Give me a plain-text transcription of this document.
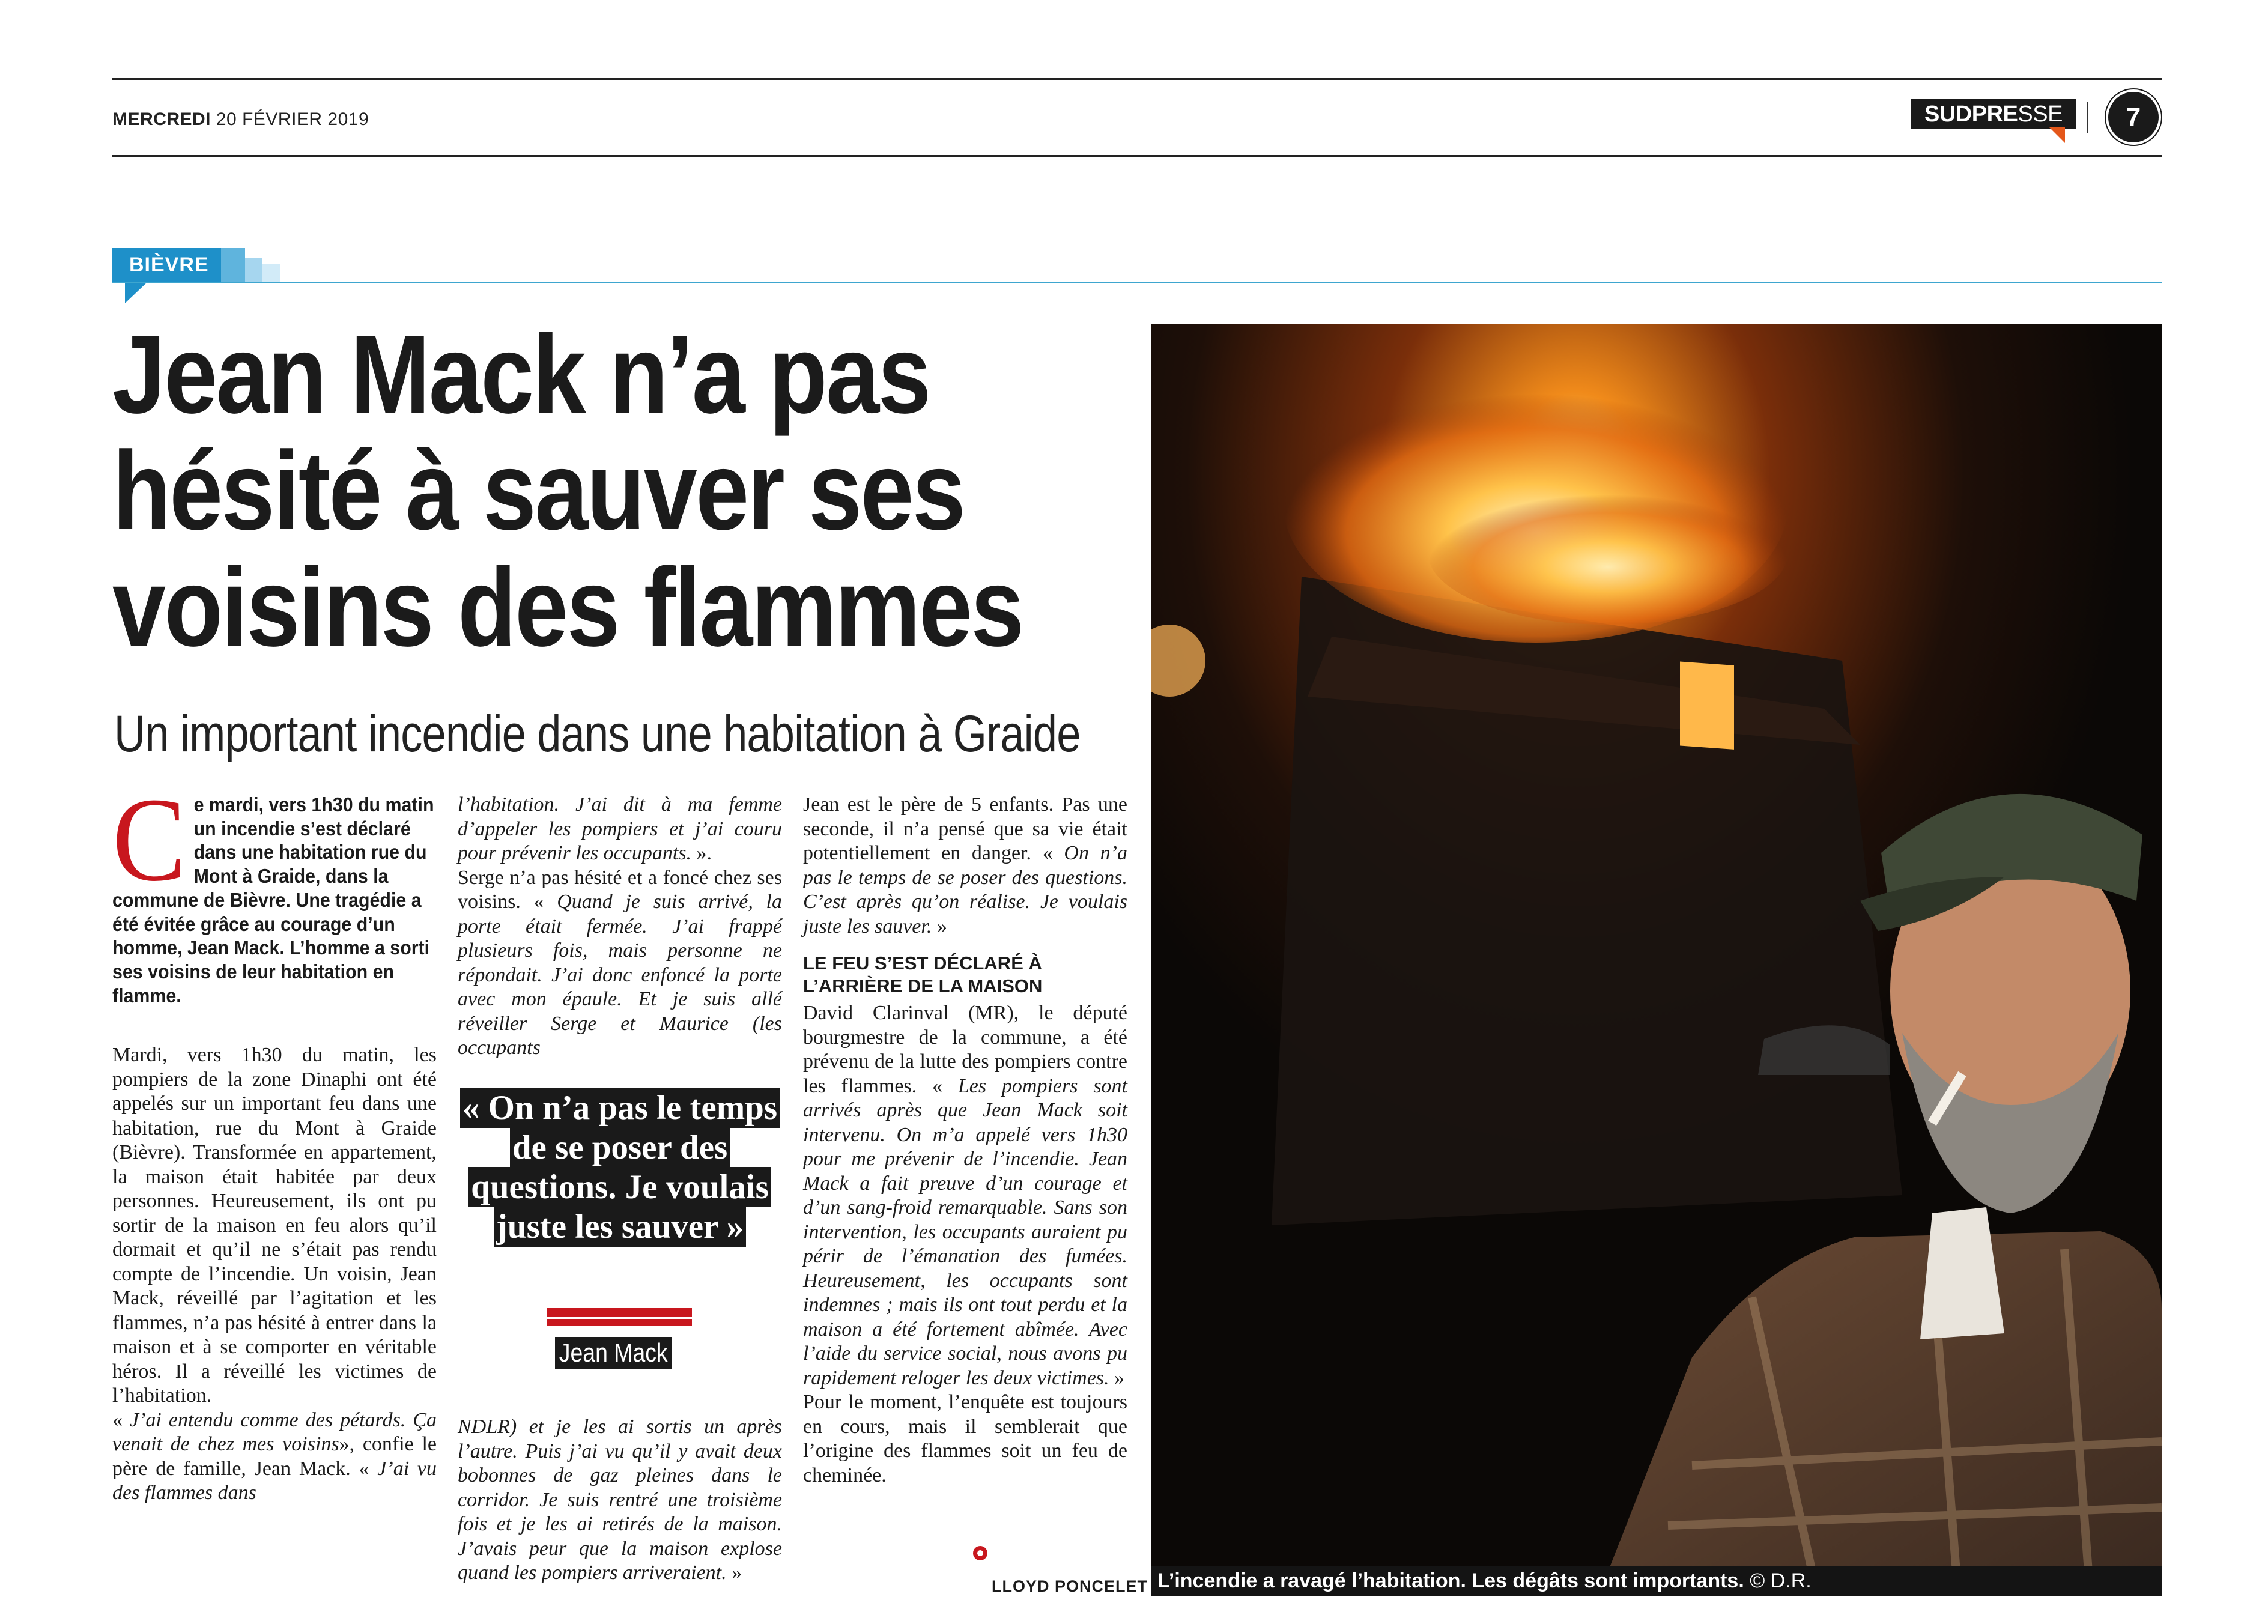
MERCREDI 20 FÉVRIER 2019	SUDPRESSE	7
BIÈVRE
Jean Mack n’a pas
hésité à sauver ses
voisins des flammes
Un important incendie dans une habitation à Graide
Ce mardi, vers 1h30 du matin un incendie s’est déclaré dans une habitation rue du Mont à Graide, dans la commune de Bièvre. Une tragédie a été évitée grâce au courage d’un homme, Jean Mack. L’homme a sorti ses voisins de leur habitation en flamme.

Mardi, vers 1h30 du matin, les pompiers de la zone Dinaphi ont été appelés sur un important feu dans une habitation, rue du Mont à Graide (Bièvre). Transformée en appartement, la maison était habitée par deux personnes. Heureusement, ils ont pu sortir de la maison en feu alors qu’il dormait et qu’il ne s’était pas rendu compte de l’incendie. Un voisin, Jean Mack, réveillé par l’agitation et les flammes, n’a pas hésité à entrer dans la maison et à se comporter en véritable héros. Il a réveillé les victimes de l’habitation.

« J’ai entendu comme des pétards. Ça venait de chez mes voisins», confie le père de famille, Jean Mack. « J’ai vu des flammes dans

l’habitation. J’ai dit à ma femme d’appeler les pompiers et j’ai couru pour prévenir les occupants. ».

Serge n’a pas hésité et a foncé chez ses voisins. « Quand je suis arrivé, la porte était fermée. J’ai frappé plusieurs fois, mais personne ne répondait. J’ai donc enfoncé la porte avec mon épaule. Et je suis allé réveiller Serge et Maurice (les occupants

« On n’a pas le temps de se poser des questions. Je voulais juste les sauver »
Jean Mack

NDLR) et je les ai sortis un après l’autre. Puis j’ai vu qu’il y avait deux bobonnes de gaz pleines dans le corridor. Je suis rentré une troisième fois et je les ai retirés de la maison. J’avais peur que la maison explose quand les pompiers arriveraient. »

Jean est le père de 5 enfants. Pas une seconde, il n’a pensé que sa vie était potentiellement en danger. « On n’a pas le temps de se poser des questions. C’est après qu’on réalise. Je voulais juste les sauver. »

LE FEU S’EST DÉCLARÉ À L’ARRIÈRE DE LA MAISON

David Clarinval (MR), le député bourgmestre de la commune, a été prévenu de la lutte des pompiers contre les flammes. « Les pompiers sont arrivés après que Jean Mack soit intervenu. On m’a appelé vers 1h30 pour me prévenir de l’incendie. Jean Mack a fait preuve d’un courage et d’un sang-froid remarquable. Sans son intervention, les occupants auraient pu périr de l’émanation des fumées. Heureusement, les occupants sont indemnes ; mais ils ont tout perdu et la maison a été fortement abîmée. Avec l’aide du service social, nous avons pu rapidement reloger les deux victimes. »

Pour le moment, l’enquête est toujours en cours, mais il semblerait que l’origine des flammes soit un feu de cheminée.

LLOYD PONCELET L’incendie a ravagé l’habitation. Les dégâts sont importants. © D.R.
